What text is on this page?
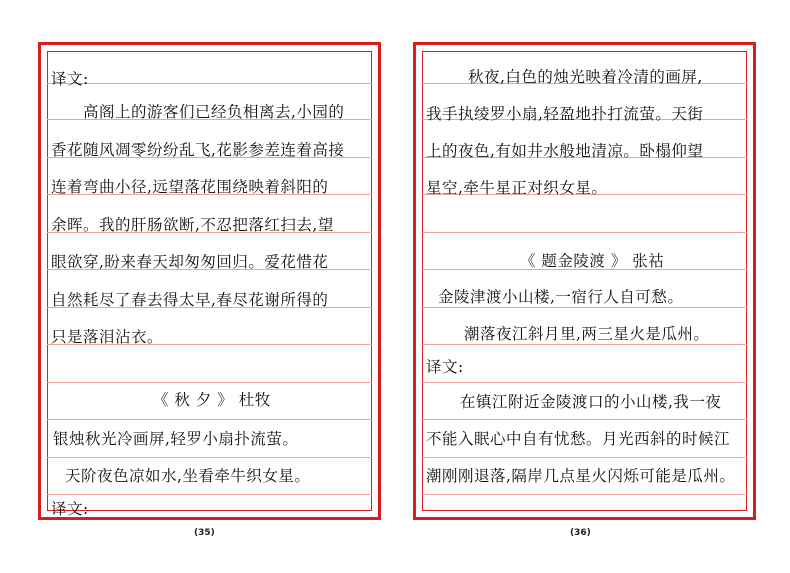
译文:
高阁上的游客们已经负相离去,小园的
香花随风凋零纷纷乱飞,花影参差连着高接
连着弯曲小径,远望落花围绕映着斜阳的
余晖。我的肝肠欲断,不忍把落红扫去,望
眼欲穿,盼来春天却匆匆回归。爱花惜花
自然耗尽了春去得太早,春尽花谢所得的
只是落泪沾衣。
《 秋 夕 》 杜牧
银烛秋光冷画屏,轻罗小扇扑流萤。
天阶夜色凉如水,坐看牵牛织女星。
译文:
(35)
秋夜,白色的烛光映着冷清的画屏,
我手执绫罗小扇,轻盈地扑打流萤。天街
上的夜色,有如井水般地清凉。卧榻仰望
星空,牵牛星正对织女星。
《 题金陵渡 》 张祜
金陵津渡小山楼,一宿行人自可愁。
潮落夜江斜月里,两三星火是瓜州。
译文:
在镇江附近金陵渡口的小山楼,我一夜
不能入眠心中自有忧愁。月光西斜的时候江
潮刚刚退落,隔岸几点星火闪烁可能是瓜州。
(36)
